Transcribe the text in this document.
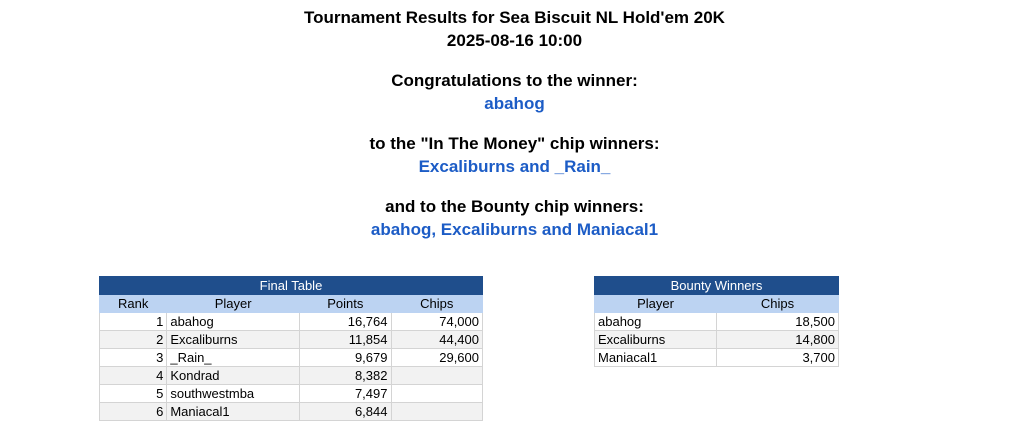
Tournament Results for Sea Biscuit NL Hold'em 20K
2025-08-16 10:00
Congratulations to the winner:
abahog
to the "In The Money" chip winners:
Excaliburns and _Rain_
and to the Bounty chip winners:
abahog, Excaliburns and Maniacal1
Final Table			
Rank	Player	Points	Chips
1	abahog	16,764	74,000
2	Excaliburns	11,854	44,400
3	_Rain_	9,679	29,600
4	Kondrad	8,382	
5	southwestmba	7,497	
6	Maniacal1	6,844	
Bounty Winners	
Player	Chips
abahog	18,500
Excaliburns	14,800
Maniacal1	3,700
